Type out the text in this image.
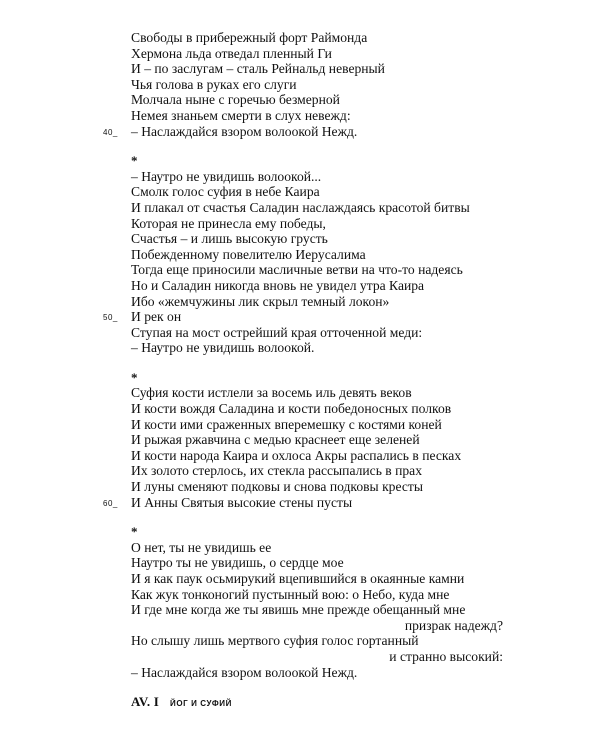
Свободы в прибережный форт Раймонда
Хермона льда отведал пленный Ги
И – по заслугам – сталь Рейнальд неверный
Чья голова в руках его слуги
Молчала ныне с горечью безмерной
Немея знаньем смерти в слух невежд:
40_ – Наслаждайся взором волоокой Нежд.
*
– Наутро не увидишь волоокой...
Смолк голос суфия в небе Каира
И плакал от счастья Саладин наслаждаясь красотой битвы
Которая не принесла ему победы,
Счастья – и лишь высокую грусть
Побежденному повелителю Иерусалима
Тогда еще приносили масличные ветви на что-то надеясь
Но и Саладин никогда вновь не увидел утра Каира
Ибо «жемчужины лик скрыл темный локон»
50_ И рек он
Ступая на мост острейший края отточенной меди:
– Наутро не увидишь волоокой.
*
Суфия кости истлели за восемь иль девять веков
И кости вождя Саладина и кости победоносных полков
И кости ими сраженных вперемешку с костями коней
И рыжая ржавчина с медью краснеет еще зеленей
И кости народа Каира и охлоса Акры распались в песках
Их золото стерлось, их стекла рассыпались в прах
И луны сменяют подковы и снова подковы кресты
60_ И Анны Святыя высокие стены пусты
*
О нет, ты не увидишь ее
Наутро ты не увидишь, о сердце мое
И я как паук осьмирукий вцепившийся в окаянные камни
Как жук тонконогий пустынный вою: о Небо, куда мне
И где мне когда же ты явишь мне прежде обещанный мне
призрак надежд?
Но слышу лишь мертвого суфия голос гортанный
и странно высокий:
– Наслаждайся взором волоокой Нежд.
AV. I ЙОГ И СУФИЙ
